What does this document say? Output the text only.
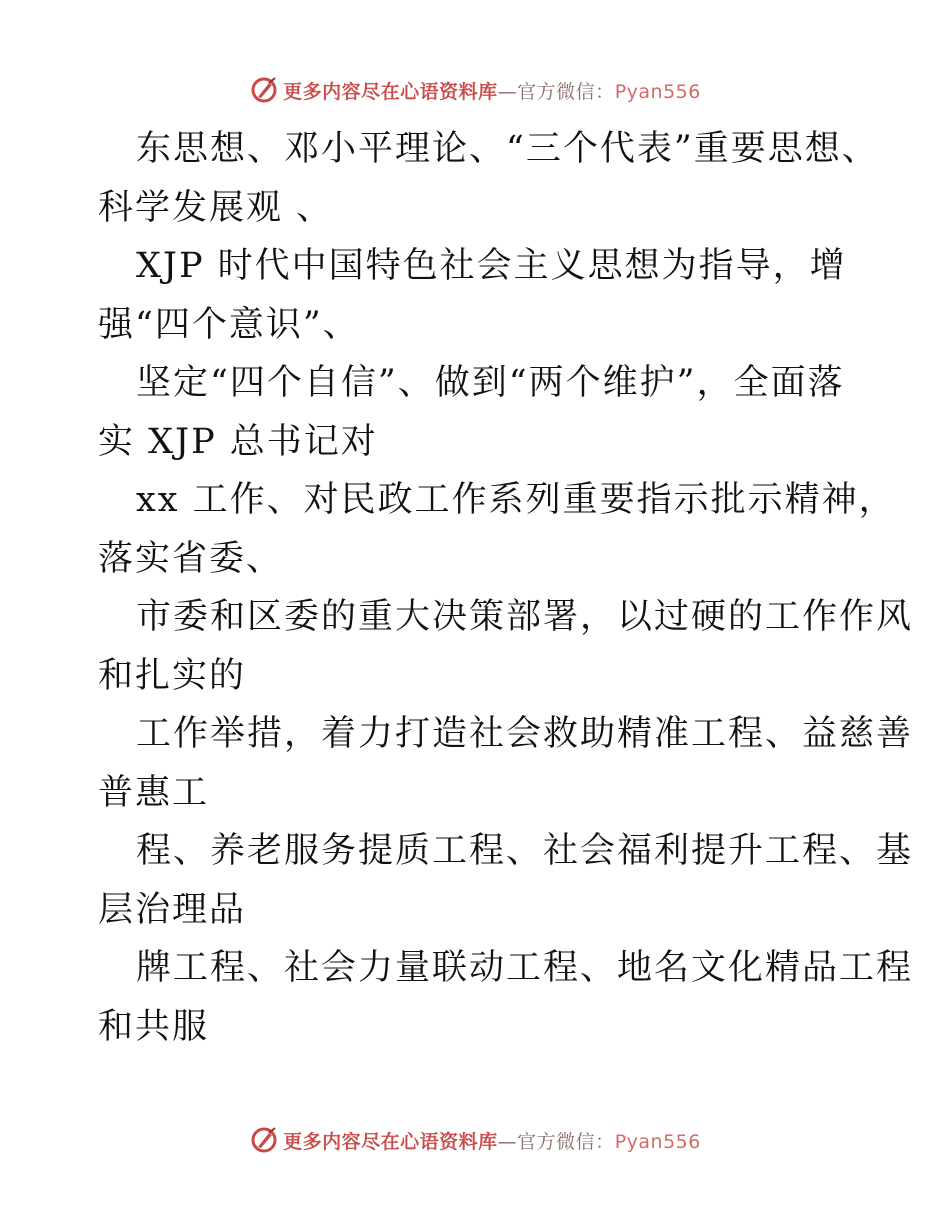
更多内容尽在心语资料库—官方微信：Pyan556
东思想、邓小平理论、“三个代表”重要思想、
科学发展观 、
XJP 时代中国特色社会主义思想为指导，增
强“四个意识”、
坚定“四个自信”、做到“两个维护”，全面落
实 XJP 总书记对
xx 工作、对民政工作系列重要指示批示精神，
落实省委、
市委和区委的重大决策部署，以过硬的工作作风
和扎实的
工作举措，着力打造社会救助精准工程、益慈善
普惠工
程、养老服务提质工程、社会福利提升工程、基
层治理品
牌工程、社会力量联动工程、地名文化精品工程
和共服
更多内容尽在心语资料库—官方微信：Pyan556
